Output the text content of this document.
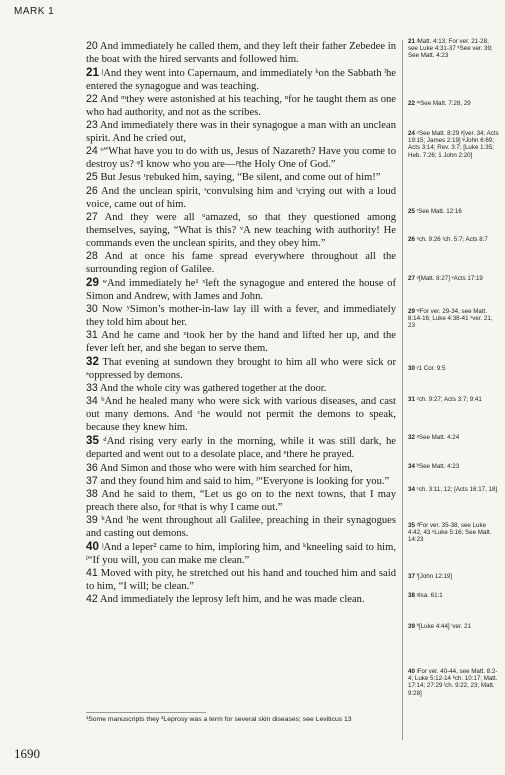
MARK 1

20 And immediately he called them, and they left their father Zebedee in the boat with the hired servants and followed him.

21 ʲAnd they went into Capernaum, and immediately ᵏon the Sabbath ˡhe entered the synagogue and was teaching.

22 And ᵐthey were astonished at his teaching, ⁿfor he taught them as one who had authority, and not as the scribes.

23 And immediately there was in their synagogue a man with an unclean spirit. And he cried out,

24 ᵒ“What have you to do with us, Jesus of Nazareth? Have you come to destroy us? ᵠI know who you are—ᵖthe Holy One of God.”

25 But Jesus ʳrebuked him, saying, “Be silent, and come out of him!”

26 And the unclean spirit, ˢconvulsing him and ᵗcrying out with a loud voice, came out of him.

27 And they were all ᵘamazed, so that they questioned among themselves, saying, “What is this? ᵛA new teaching with authority! He commands even the unclean spirits, and they obey him.”

28 And at once his fame spread everywhere throughout all the surrounding region of Galilee.

29 ʷAnd immediately he¹ ˣleft the synagogue and entered the house of Simon and Andrew, with James and John.

30 Now ʸSimon’s mother-in-law lay ill with a fever, and immediately they told him about her.

31 And he came and ᶻtook her by the hand and lifted her up, and the fever left her, and she began to serve them.

32 That evening at sundown they brought to him all who were sick or ᵃoppressed by demons.

33 And the whole city was gathered together at the door.

34 ᵇAnd he healed many who were sick with various diseases, and cast out many demons. And ᶜhe would not permit the demons to speak, because they knew him.

35 ᵈAnd rising very early in the morning, while it was still dark, he departed and went out to a desolate place, and ᵉthere he prayed.

36 And Simon and those who were with him searched for him,

37 and they found him and said to him, ᶠ“Everyone is looking for you.”

38 And he said to them, “Let us go on to the next towns, that I may preach there also, for ᵍthat is why I came out.”

39 ʰAnd ⁱhe went throughout all Galilee, preaching in their synagogues and casting out demons.

40 ʲAnd a leper² came to him, imploring him, and ᵏkneeling said to him, ˡ“If you will, you can make me clean.”

41 Moved with pity, he stretched out his hand and touched him and said to him, “I will; be clean.”

42 And immediately the leprosy left him, and he was made clean.

21 ʲMatt. 4:13; For ver. 21-28, see Luke 4:31-37 ᵏSee ver. 39; See Matt. 4:23
22 ᵐSee Matt. 7:28, 29
24 ᵒSee Matt. 8:29 ᵖ[ver. 34; Acts 19:15; James 2:19] ᵠJohn 6:69; Acts 3:14; Rev. 3:7; [Luke 1:35; Heb. 7:26; 1 John 2:20]
25 ʳSee Matt. 12:16
26 ˢch. 9:26 ᵗch. 5:7; Acts 8:7
27 ᵘ[Matt. 8:27] ᵛActs 17:19
29 ʷFor ver. 29-34, see Matt. 8:14-16; Luke 4:38-41 ˣver. 21, 23
30 ʸ1 Cor. 9:5
31 ᶻch. 9:27; Acts 3:7; 9:41
32 ᵃSee Matt. 4:24
34 ᵇSee Matt. 4:23
34 ᶜch. 3:11, 12; [Acts 16:17, 18]
35 ᵈFor ver. 35-38, see Luke 4:42, 43 ᵉLuke 5:16; See Matt. 14:23
37 ᶠ[John 12:19]
38 ᵍIsa. 61:1
39 ʰ[Luke 4:44] ⁱver. 21
40 ʲFor ver. 40-44, see Matt. 8:2-4; Luke 5:12-14 ᵏch. 10:17; Matt. 17:14; 27:29 ˡch. 9:22, 23; Matt. 9:28]
¹Some manuscripts they ²Leprosy was a term for several skin diseases; see Leviticus 13
1690
